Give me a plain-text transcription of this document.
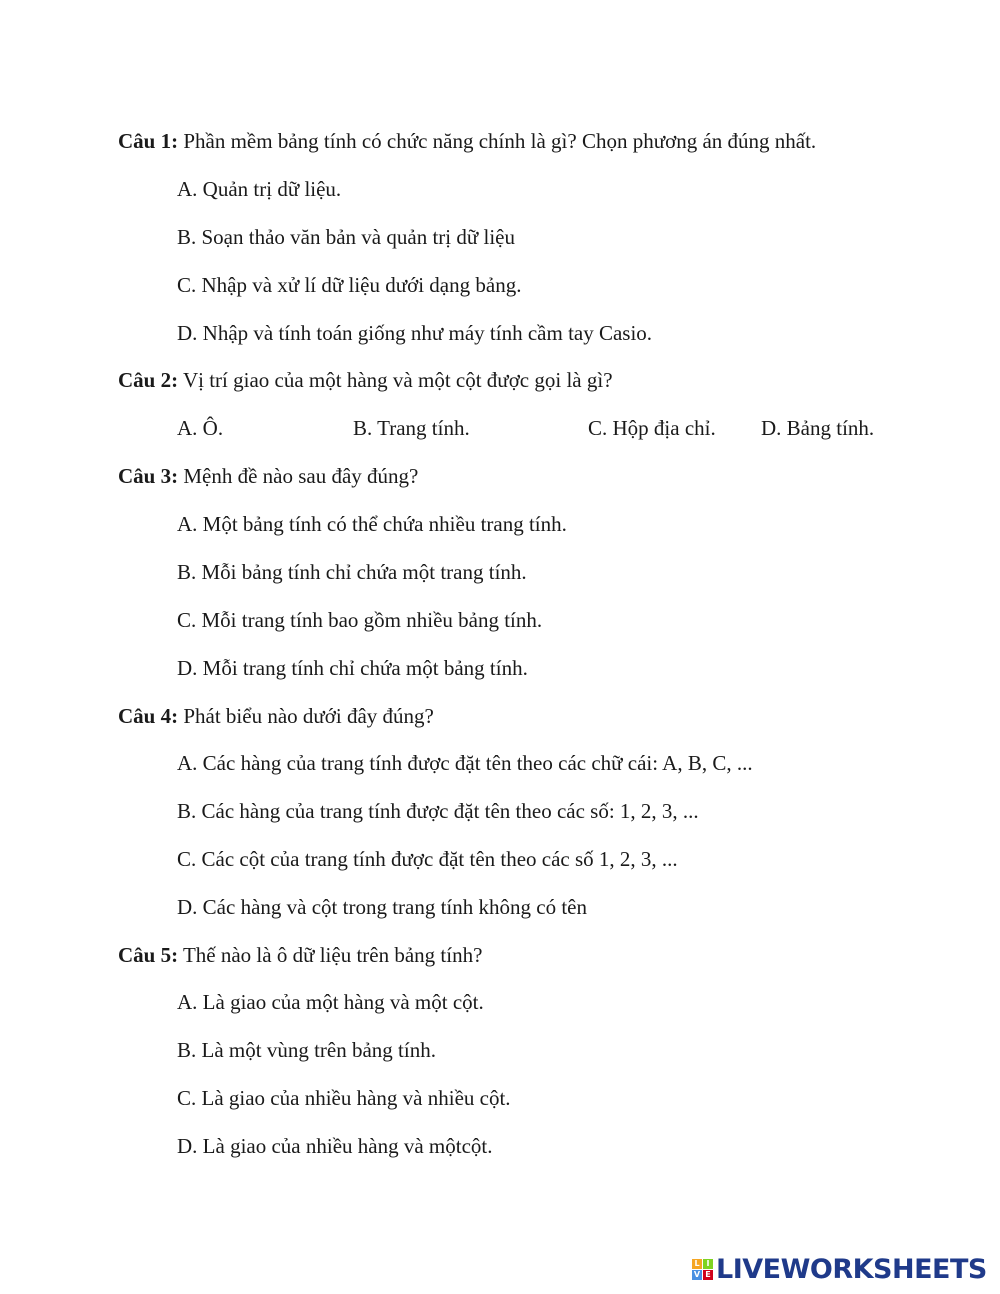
Câu 1: Phần mềm bảng tính có chức năng chính là gì? Chọn phương án đúng nhất.
A. Quản trị dữ liệu.
B. Soạn thảo văn bản và quản trị dữ liệu
C. Nhập và xử lí dữ liệu dưới dạng bảng.
D. Nhập và tính toán giống như máy tính cầm tay Casio.
Câu 2: Vị trí giao của một hàng và một cột được gọi là gì?
A. Ô.	B. Trang tính.	C. Hộp địa chỉ. D. Bảng tính.
Câu 3: Mệnh đề nào sau đây đúng?
A. Một bảng tính có thể chứa nhiều trang tính.
B. Mỗi bảng tính chỉ chứa một trang tính.
C. Mỗi trang tính bao gồm nhiều bảng tính.
D. Mỗi trang tính chỉ chứa một bảng tính.
Câu 4: Phát biểu nào dưới đây đúng?
A. Các hàng của trang tính được đặt tên theo các chữ cái: A, B, C, ...
B. Các hàng của trang tính được đặt tên theo các số: 1, 2, 3, ...
C. Các cột của trang tính được đặt tên theo các số 1, 2, 3, ...
D. Các hàng và cột trong trang tính không có tên
Câu 5: Thế nào là ô dữ liệu trên bảng tính?
A. Là giao của một hàng và một cột.
B. Là một vùng trên bảng tính.
C. Là giao của nhiều hàng và nhiều cột.
D. Là giao của nhiều hàng và mộtcột.
L I
V E LIVEWORKSHEETS
